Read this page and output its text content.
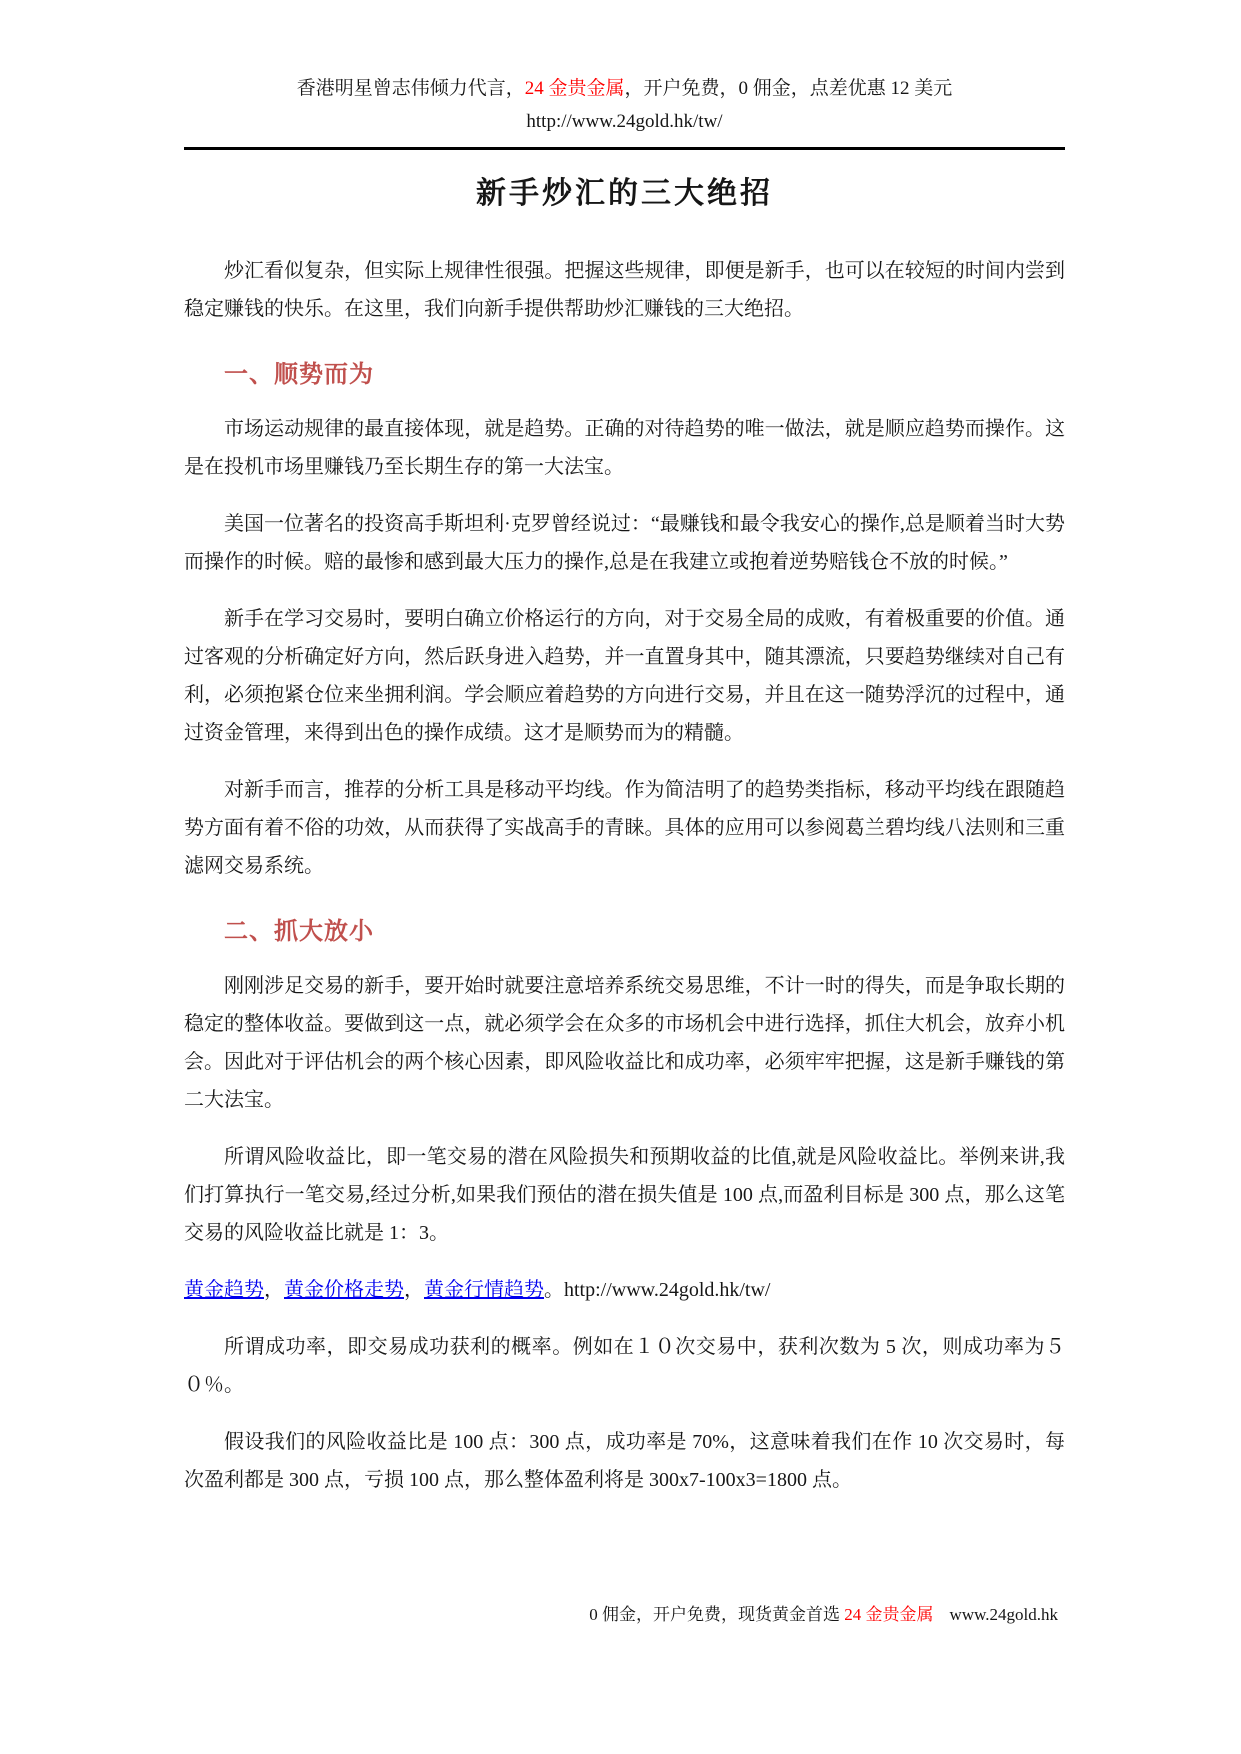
香港明星曾志伟倾力代言，24 金贵金属，开户免费，0 佣金，点差优惠 12 美元
http://www.24gold.hk/tw/
新手炒汇的三大绝招

炒汇看似复杂，但实际上规律性很强。把握这些规律，即便是新手，也可以在较短的时间内尝到稳定赚钱的快乐。在这里，我们向新手提供帮助炒汇赚钱的三大绝招。

一、顺势而为

市场运动规律的最直接体现，就是趋势。正确的对待趋势的唯一做法，就是顺应趋势而操作。这是在投机市场里赚钱乃至长期生存的第一大法宝。

美国一位著名的投资高手斯坦利·克罗曾经说过：“最赚钱和最令我安心的操作,总是顺着当时大势而操作的时候。赔的最惨和感到最大压力的操作,总是在我建立或抱着逆势赔钱仓不放的时候。”

新手在学习交易时，要明白确立价格运行的方向，对于交易全局的成败，有着极重要的价值。通过客观的分析确定好方向，然后跃身进入趋势，并一直置身其中，随其漂流，只要趋势继续对自己有利，必须抱紧仓位来坐拥利润。学会顺应着趋势的方向进行交易，并且在这一随势浮沉的过程中，通过资金管理，来得到出色的操作成绩。这才是顺势而为的精髓。

对新手而言，推荐的分析工具是移动平均线。作为简洁明了的趋势类指标，移动平均线在跟随趋势方面有着不俗的功效，从而获得了实战高手的青睐。具体的应用可以参阅葛兰碧均线八法则和三重滤网交易系统。

二、抓大放小

刚刚涉足交易的新手，要开始时就要注意培养系统交易思维，不计一时的得失，而是争取长期的稳定的整体收益。要做到这一点，就必须学会在众多的市场机会中进行选择，抓住大机会，放弃小机会。因此对于评估机会的两个核心因素，即风险收益比和成功率，必须牢牢把握，这是新手赚钱的第二大法宝。

所谓风险收益比，即一笔交易的潜在风险损失和预期收益的比值,就是风险收益比。举例来讲,我们打算执行一笔交易,经过分析,如果我们预估的潜在损失值是 100 点,而盈利目标是 300 点，那么这笔交易的风险收益比就是 1：3。

黄金趋势，黄金价格走势，黄金行情趋势。http://www.24gold.hk/tw/

所谓成功率，即交易成功获利的概率。例如在１０次交易中，获利次数为 5 次，则成功率为５０％。

假设我们的风险收益比是 100 点：300 点，成功率是 70%，这意味着我们在作 10 次交易时，每次盈利都是 300 点，亏损 100 点，那么整体盈利将是 300x7-100x3=1800 点。

0 佣金，开户免费，现货黄金首选 24 金贵金属 www.24gold.hk
